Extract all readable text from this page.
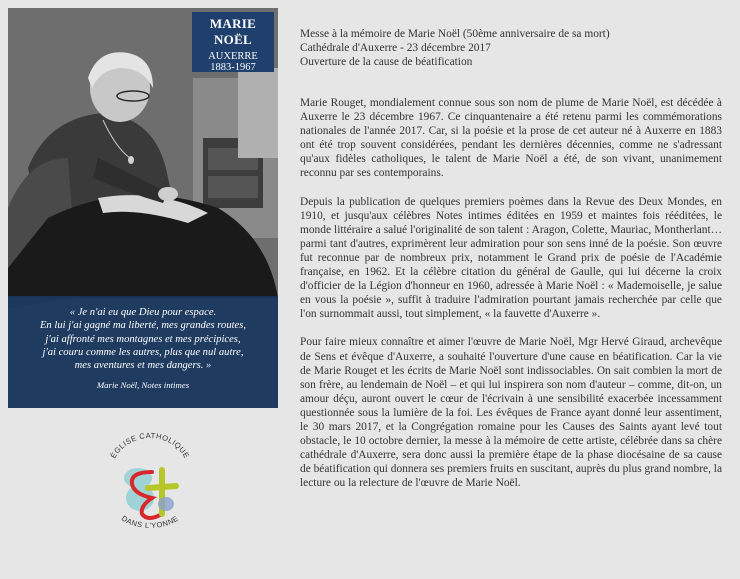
MARIE NOËL
AUXERRE
1883-1967
« Je n'ai eu que Dieu pour espace.
En lui j'ai gagné ma liberté, mes grandes routes,
j'ai affronté mes montagnes et mes précipices,
j'ai couru comme les autres, plus que nul autre,
mes aventures et mes dangers. »
Marie Noël, Notes intimes
ÉGLISE CATHOLIQUE
DANS L'YONNE
Messe à la mémoire de Marie Noël (50ème anniversaire de sa mort)
Cathédrale d'Auxerre - 23 décembre 2017
Ouverture de la cause de béatification

Marie Rouget, mondialement connue sous son nom de plume de Marie Noël, est décédée à Auxerre le 23 décembre 1967. Ce cinquantenaire a été retenu parmi les commémorations nationales de l'année 2017. Car, si la poésie et la prose de cet auteur né à Auxerre en 1883 ont été trop souvent considérées, pendant les dernières décennies, comme ne s'adressant qu'aux fidèles catholiques, le talent de Marie Noël a été, de son vivant, unanimement reconnu par ses contemporains.

Depuis la publication de quelques premiers poèmes dans la Revue des Deux Mondes, en 1910, et jusqu'aux célèbres Notes intimes éditées en 1959 et maintes fois rééditées, le monde littéraire a salué l'originalité de son talent : Aragon, Colette, Mauriac, Montherlant… parmi tant d'autres, exprimèrent leur admiration pour son sens inné de la poésie. Son œuvre fut reconnue par de nombreux prix, notamment le Grand prix de poésie de l'Académie française, en 1962. Et la célèbre citation du général de Gaulle, qui lui décerne la croix d'officier de la Légion d'honneur en 1960, adressée à Marie Noël : « Mademoiselle, je salue en vous la poésie », suffit à traduire l'admiration pourtant jamais recherchée par celle que l'on surnommait aussi, tout simplement, « la fauvette d'Auxerre ».

Pour faire mieux connaître et aimer l'œuvre de Marie Noël, Mgr Hervé Giraud, archevêque de Sens et évêque d'Auxerre, a souhaité l'ouverture d'une cause en béatification. Car la vie de Marie Rouget et les écrits de Marie Noël sont indissociables. On sait combien la mort de son frère, au lendemain de Noël – et qui lui inspirera son nom d'auteur – comme, dit-on, un amour déçu, auront ouvert le cœur de l'écrivain à une sensibilité exacerbée incessamment questionnée sous la lumière de la foi. Les évêques de France ayant donné leur assentiment, le 30 mars 2017, et la Congrégation romaine pour les Causes des Saints ayant levé tout obstacle, le 10 octobre dernier, la messe à la mémoire de cette artiste, célébrée dans sa chère cathédrale d'Auxerre, sera donc aussi la première étape de la phase diocésaine de sa cause de béatification qui donnera ses premiers fruits en suscitant, auprès du plus grand nombre, la lecture ou la relecture de l'œuvre de Marie Noël.
